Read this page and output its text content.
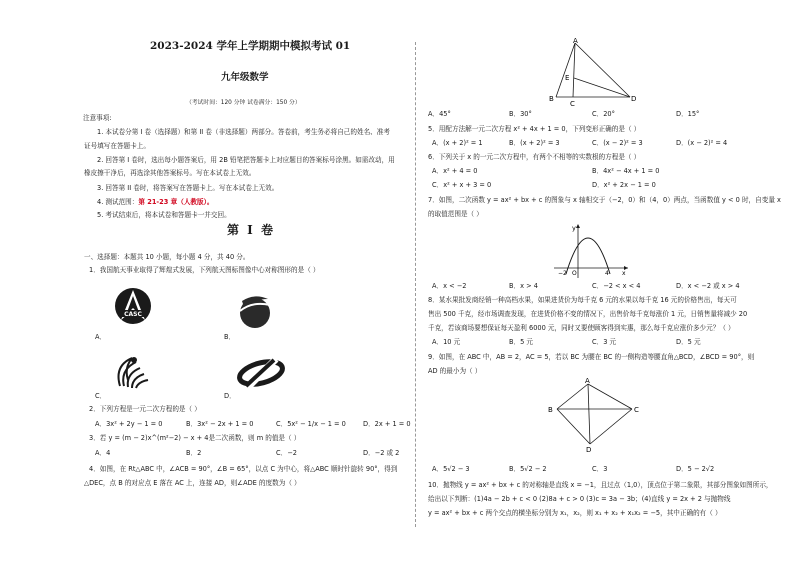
2023-2024 学年上学期期中模拟考试 01
九年级数学
（考试时间：120 分钟 试卷满分：150 分）
注意事项:
1. 本试卷分第 I 卷（选择题）和第 II 卷（非选择题）两部分。答卷前，考生务必将自己的姓名、准考
证号填写在答题卡上。
2. 回答第 I 卷时，选出每小题答案后，用 2B 铅笔把答题卡上对应题目的答案标号涂黑。如需改动，用
橡皮擦干净后，再选涂其他答案标号。写在本试卷上无效。
3. 回答第 II 卷时，将答案写在答题卡上。写在本试卷上无效。
4. 测试范围：第 21-23 章（人教版）。
5. 考试结束后，将本试卷和答题卡一并交回。
第 I 卷
一、选择题：本题共 10 小题，每小题 4 分，共 40 分。
1．我国航天事业取得了辉煌式发展，下列航天图标图像中心对称图形的是（ ）
CASC
A．	B．
C．	D．
2．下列方程是一元二次方程的是（ ）
A．3x² + 2y − 1 = 0	B．3x² − 2x + 1 = 0	C．5x² − 1/x − 1 = 0	D．2x + 1 = 0
3．若 y = (m − 2)x^(m²−2) − x + 4是二次函数，则 m 的值是（ ）
A．4	B．2	C．−2	D．−2 或 2
4．如图，在 Rt△ABC 中，∠ACB = 90°，∠B = 65°，以点 C 为中心，将△ABC 顺时针旋转 90°，得到
△DEC，点 B 的对应点 E 落在 AC 上，连接 AD，则∠ADE 的度数为（ ）
A
E
B
C
D
A．45°	B．30°	C．20°	D．15°
5．用配方法解一元二次方程 x² + 4x + 1 = 0，下列变形正确的是（ ）
A．(x + 2)² = 1	B．(x + 2)² = 3	C．(x − 2)² = 3	D．(x − 2)² = 4
6．下列关于 x 的一元二次方程中，有两个不相等的实数根的方程是（ ）
A．x² + 4 = 0	B．4x² − 4x + 1 = 0
C．x² + x + 3 = 0	D．x² + 2x − 1 = 0
7．如图，二次函数 y = ax² + bx + c 的图象与 x 轴相交于（−2，0）和（4，0）两点，当函数值 y < 0 时，自变量 x
的取值范围是（ ）
y
−2 O	4 x
A．x < −2	B．x > 4	C．−2 < x < 4	D．x < −2 或 x > 4
8．某水果批发商经销一种高档水果，如果进货价为每千克 6 元的水果以每千克 16 元的价格售出，每天可
售出 500 千克，经市场调查发现，在进货价格不变的情况下，出售价每千克每涨价 1 元，日销售量将减少 20
千克，若该商场要想保证每天盈利 6000 元，同时又要使顾客得到实惠，那么每千克应涨价多少元？（ ）
A．10 元	B．5 元	C．3 元	D．5 元
9．如图，在 ABC 中，AB = 2，AC = 5，若以 BC 为腰在 BC 的一侧构造等腰直角△BCD，∠BCD = 90°，则
AD 的最小为（ ）
A
B	C
D
A．5√2 − 3	B．5√2 − 2	C．3	D．5 − 2√2
10．抛物线 y = ax² + bx + c 的对称轴是直线 x = −1，且过点（1,0），顶点位于第二象限，其部分图象如图所示，
给出以下判断：(1)4a − 2b + c < 0 (2)8a + c > 0 (3)c = 3a − 3b；(4)直线 y = 2x + 2 与抛物线
y = ax² + bx + c 两个交点的横坐标分别为 x₁，x₂，则 x₁ + x₂ + x₁x₂ = −5，其中正确的有（ ）
